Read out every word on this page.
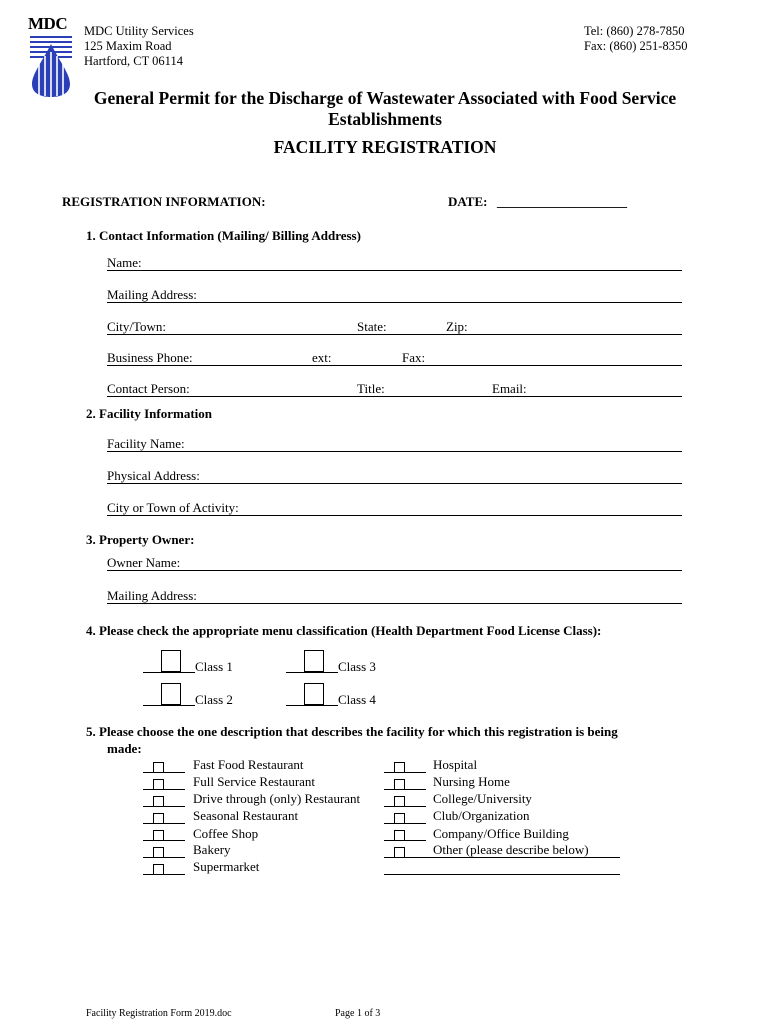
MDC	MDC Utility Services
125 Maxim Road
Hartford, CT 06114
Tel: (860) 278-7850
Fax: (860) 251-8350
General Permit for the Discharge of Wastewater Associated with Food Service
Establishments
FACILITY REGISTRATION
REGISTRATION INFORMATION:	DATE: ____________________
1. Contact Information (Mailing/ Billing Address)
Name:
Mailing Address:
City/Town:	State:	Zip:
Business Phone:	ext:	Fax:
Contact Person:	Title:	Email:
2. Facility Information
Facility Name:
Physical Address:
City or Town of Activity:
3. Property Owner:
Owner Name:
Mailing Address:
4. Please check the appropriate menu classification (Health Department Food License Class):
Class 1	Class 3
Class 2	Class 4
5. Please choose the one description that describes the facility for which this registration is being
made:
Fast Food Restaurant
Full Service Restaurant
Drive through (only) Restaurant
Seasonal Restaurant
Coffee Shop
Bakery
Supermarket
Hospital
Nursing Home
College/University
Club/Organization
Company/Office Building
Other (please describe below)
Facility Registration Form 2019.doc	Page 1 of 3
